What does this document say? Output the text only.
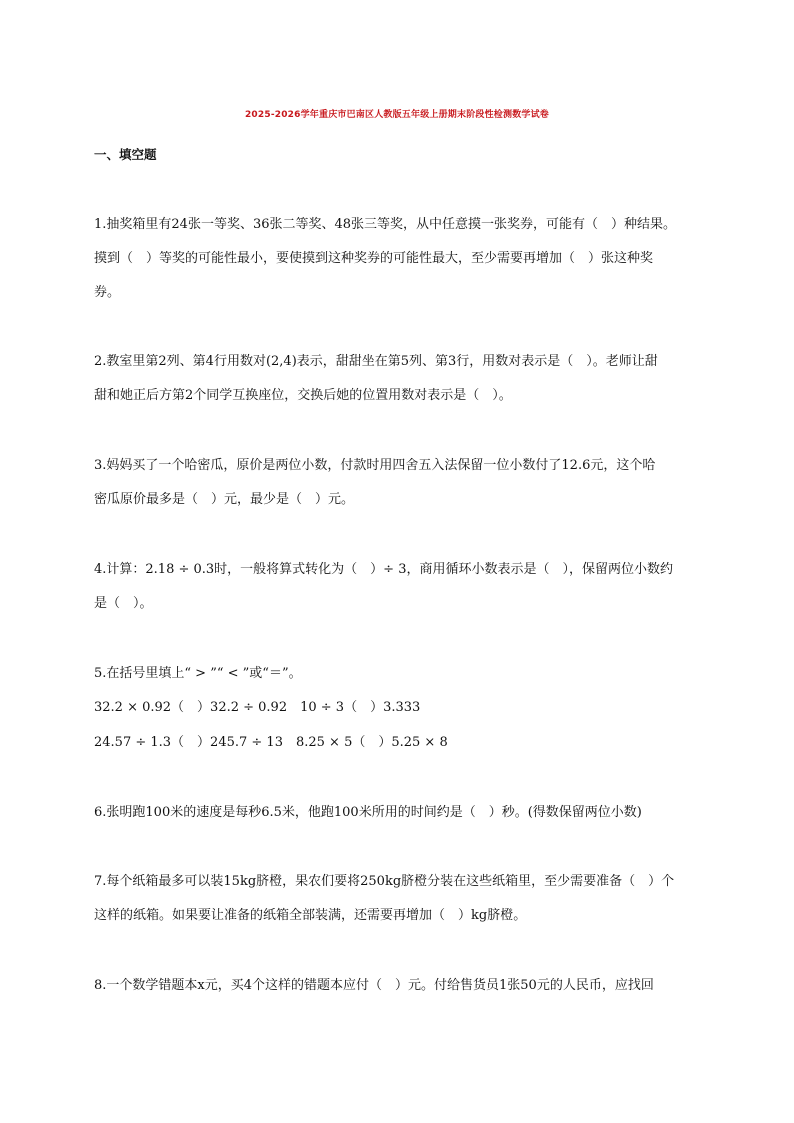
2025-2026学年重庆市巴南区人教版五年级上册期末阶段性检测数学试卷
一、填空题
1.抽奖箱里有24张一等奖、36张二等奖、48张三等奖，从中任意摸一张奖券，可能有（　）种结果。
摸到（　）等奖的可能性最小，要使摸到这种奖券的可能性最大，至少需要再增加（　）张这种奖
券。
2.教室里第2列、第4行用数对(2,4)表示，甜甜坐在第5列、第3行，用数对表示是（　）。老师让甜
甜和她正后方第2个同学互换座位，交换后她的位置用数对表示是（　）。
3.妈妈买了一个哈密瓜，原价是两位小数，付款时用四舍五入法保留一位小数付了12.6元，这个哈
密瓜原价最多是（　）元，最少是（　）元。
4.计算：2.18 ÷ 0.3时，一般将算式转化为（　）÷ 3，商用循环小数表示是（　），保留两位小数约
是（　）。
5.在括号里填上“ > ”“ < ”或“＝”。
32.2 × 0.92（　）32.2 ÷ 0.92　10 ÷ 3（　）3.333
24.57 ÷ 1.3（　）245.7 ÷ 13　8.25 × 5（　）5.25 × 8
6.张明跑100米的速度是每秒6.5米，他跑100米所用的时间约是（　）秒。(得数保留两位小数)
7.每个纸箱最多可以装15kg脐橙，果农们要将250kg脐橙分装在这些纸箱里，至少需要准备（　）个
这样的纸箱。如果要让准备的纸箱全部装满，还需要再增加（　）kg脐橙。
8.一个数学错题本x元，买4个这样的错题本应付（　）元。付给售货员1张50元的人民币，应找回
